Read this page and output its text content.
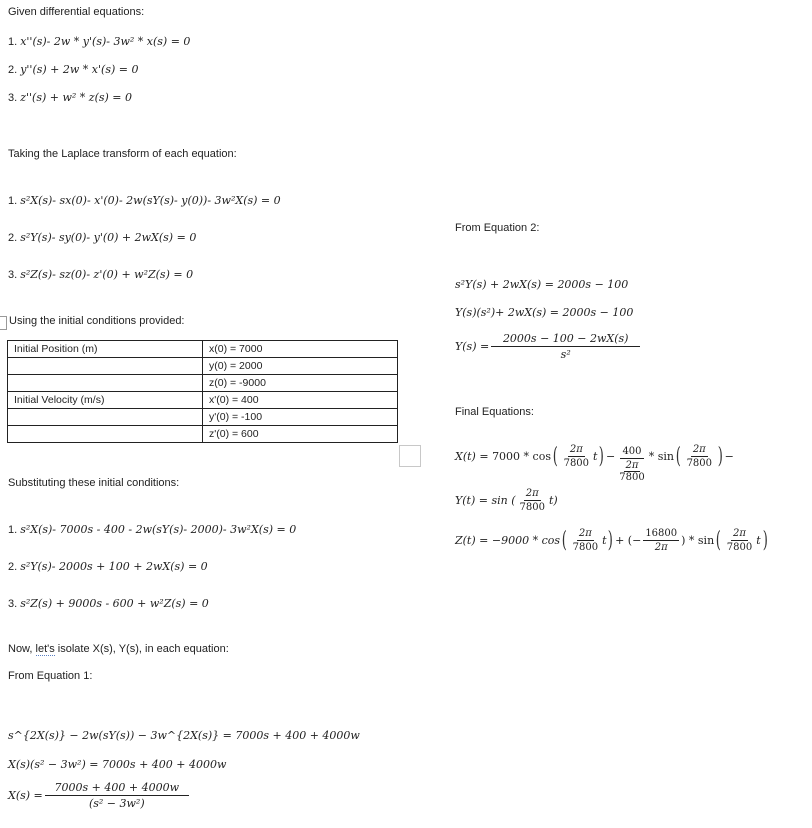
Given differential equations:
1. x''(s)- 2w * y'(s)- 3w² * x(s) = 0
2. y''(s) + 2w * x'(s) = 0
3. z''(s) + w² * z(s) = 0
Taking the Laplace transform of each equation:
1. s²X(s)- sx(0)- x'(0)- 2w(sY(s)- y(0))- 3w²X(s) = 0
2. s²Y(s)- sy(0)- y'(0) + 2wX(s) = 0
3. s²Z(s)- sz(0)- z'(0) + w²Z(s) = 0
Using the initial conditions provided:
Initial Position (m)	x(0) = 7000
	y(0) = 2000
	z(0) = -9000
Initial Velocity (m/s)	x'(0) = 400
	y'(0) = -100
	z'(0) = 600
Substituting these initial conditions:
1. s²X(s)- 7000s - 400 - 2w(sY(s)- 2000)- 3w²X(s) = 0
2. s²Y(s)- 2000s + 100 + 2wX(s) = 0
3. s²Z(s) + 9000s - 600 + w²Z(s) = 0
Now, let's isolate X(s), Y(s), in each equation:
From Equation 1:
s^{2X(s)} − 2w(sY(s)) − 3w^{2X(s)} = 7000s + 400 + 4000w
X(s)(s² − 3w²) = 7000s + 400 + 4000w
$X(s) = \frac{7000s + 400 + 4000w}{\text{(s² − 3w²)}}$
From Equation 2:
s²Y(s) + 2wX(s) = 2000s − 100
Y(s)(s²)+ 2wX(s) = 2000s − 100
$Y(s) = \frac{2000s - 100 - 2wX(s)}{\text{s²}}$
Final Equations:
X(t) =
7000 * cos ( $\frac{2\pi}{7800}$ t ) − $\frac{400}{\frac{2\pi}{7800}}$ * sin ( $\frac{2\pi}{7800}$ ) −
Y(t)
= sin ( $\frac{2\pi}{7800} t$)
Z(t) =
−9000 * cos ( $\frac{2\pi}{7800}$ t ) + (− $\frac{16800}{2\pi}$ ) * sin ( $\frac{2\pi}{7800}$ t )
